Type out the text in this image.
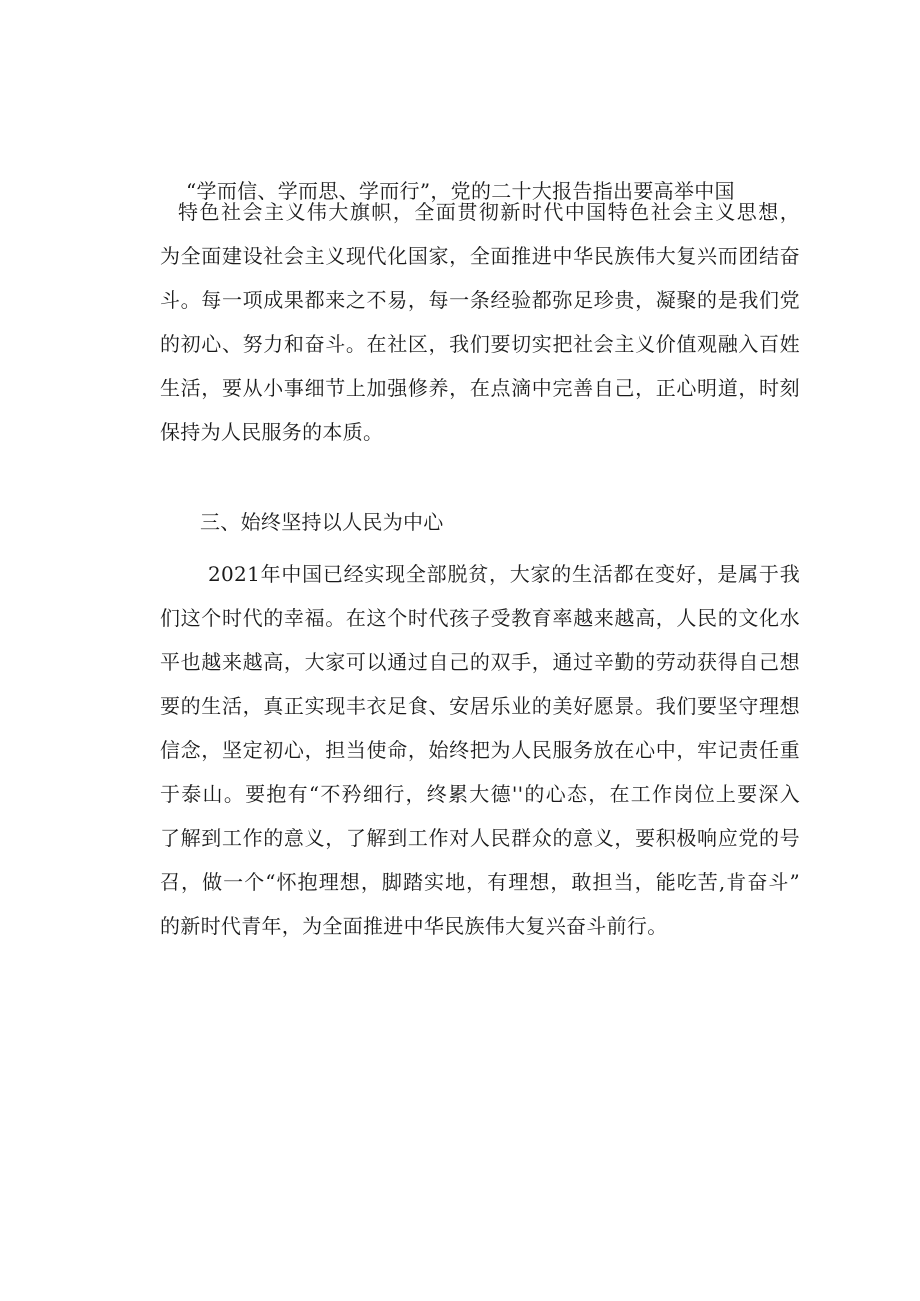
“学而信、学而思、学而行”，党的二十大报告指出要高举中国
特色社会主义伟大旗帜，全面贯彻新时代中国特色社会主义思想，
为全面建设社会主义现代化国家，全面推进中华民族伟大复兴而团结奋
斗。每一项成果都来之不易，每一条经验都弥足珍贵，凝聚的是我们党
的初心、努力和奋斗。在社区，我们要切实把社会主义价值观融入百姓
生活，要从小事细节上加强修养，在点滴中完善自己，正心明道，时刻
保持为人民服务的本质。
三、始终坚持以人民为中心
2021年中国已经实现全部脱贫，大家的生活都在变好，是属于我
们这个时代的幸福。在这个时代孩子受教育率越来越高，人民的文化水
平也越来越高，大家可以通过自己的双手，通过辛勤的劳动获得自己想
要的生活，真正实现丰衣足食、安居乐业的美好愿景。我们要坚守理想
信念，坚定初心，担当使命，始终把为人民服务放在心中，牢记责任重
于泰山。要抱有“不矜细行，终累大德''的心态，在工作岗位上要深入
了解到工作的意义，了解到工作对人民群众的意义，要积极响应党的号
召，做一个“怀抱理想，脚踏实地，有理想，敢担当，能吃苦,肯奋斗”
的新时代青年，为全面推进中华民族伟大复兴奋斗前行。
